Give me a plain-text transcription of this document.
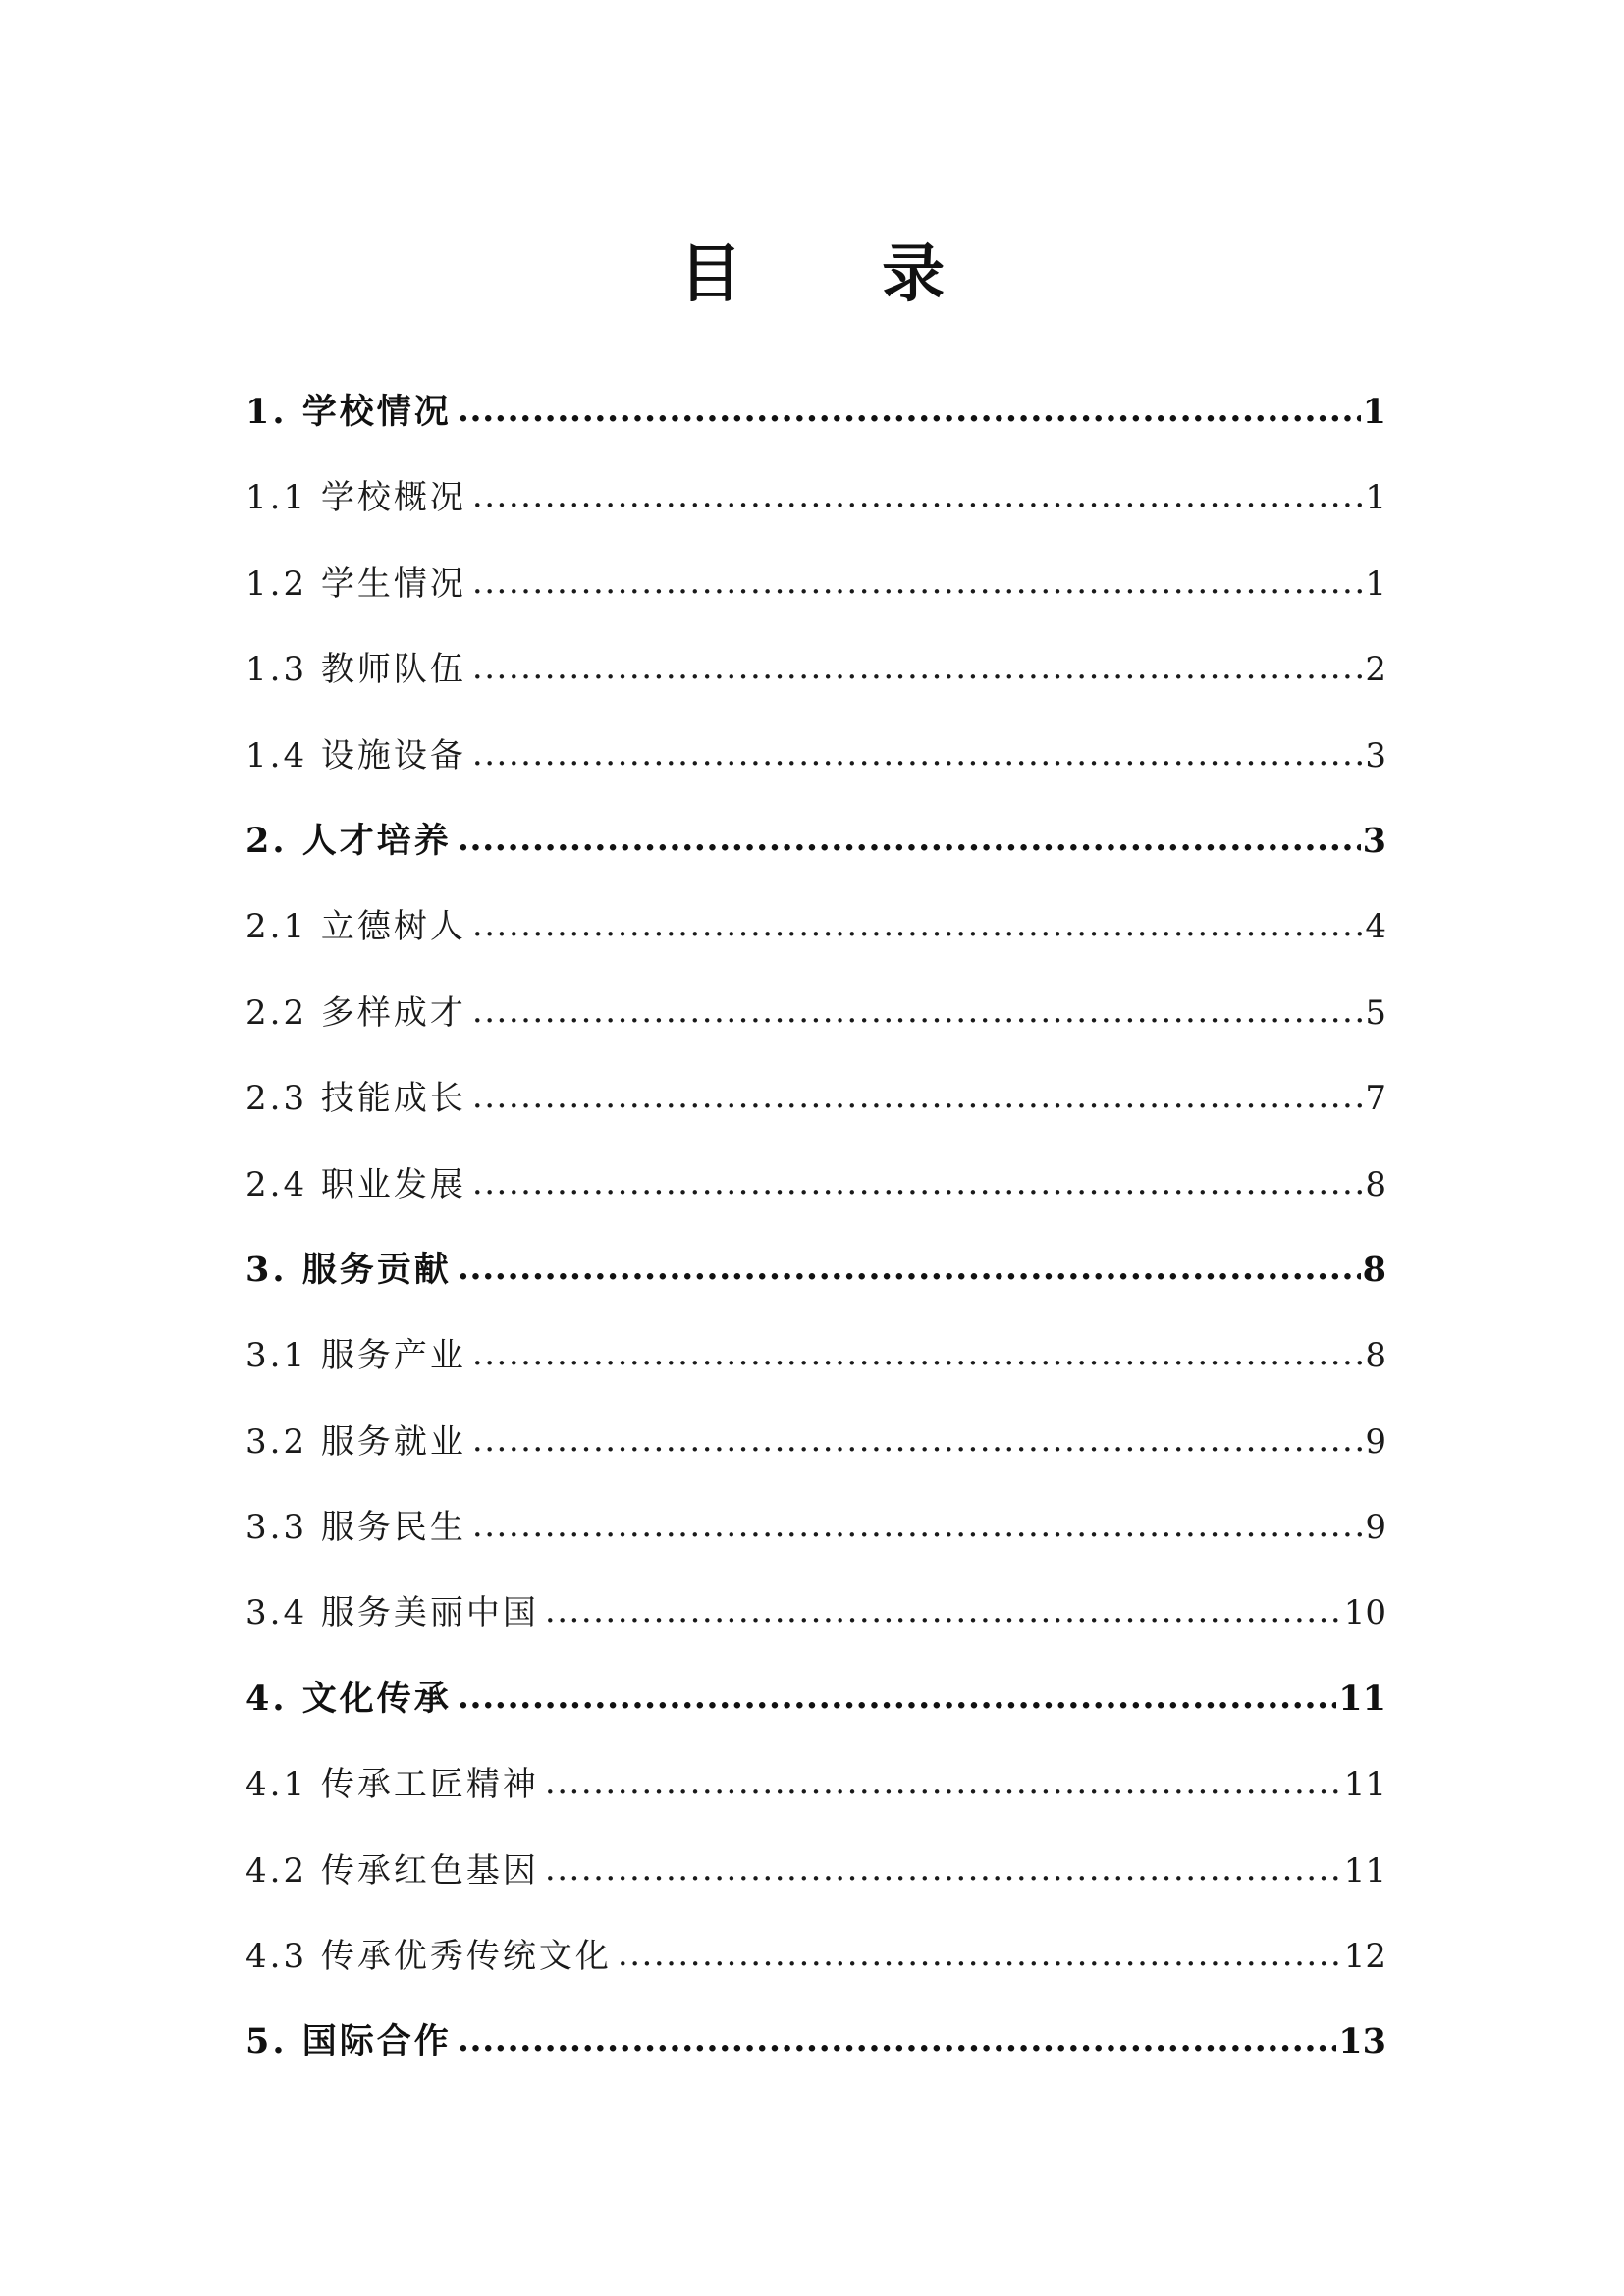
目 录
1. 学校情况 .....	1
1.1 学校概况 .....	1
1.2 学生情况 .....	1
1.3 教师队伍 .....	2
1.4 设施设备 .....	3
2. 人才培养 .....	3
2.1 立德树人 .....	4
2.2 多样成才 .....	5
2.3 技能成长 .....	7
2.4 职业发展 .....	8
3. 服务贡献 .....	8
3.1 服务产业 .....	8
3.2 服务就业 .....	9
3.3 服务民生 .....	9
3.4 服务美丽中国 .....	10
4. 文化传承 .....	11
4.1 传承工匠精神 .....	11
4.2 传承红色基因 .....	11
4.3 传承优秀传统文化 .....	12
5. 国际合作 .....	13
